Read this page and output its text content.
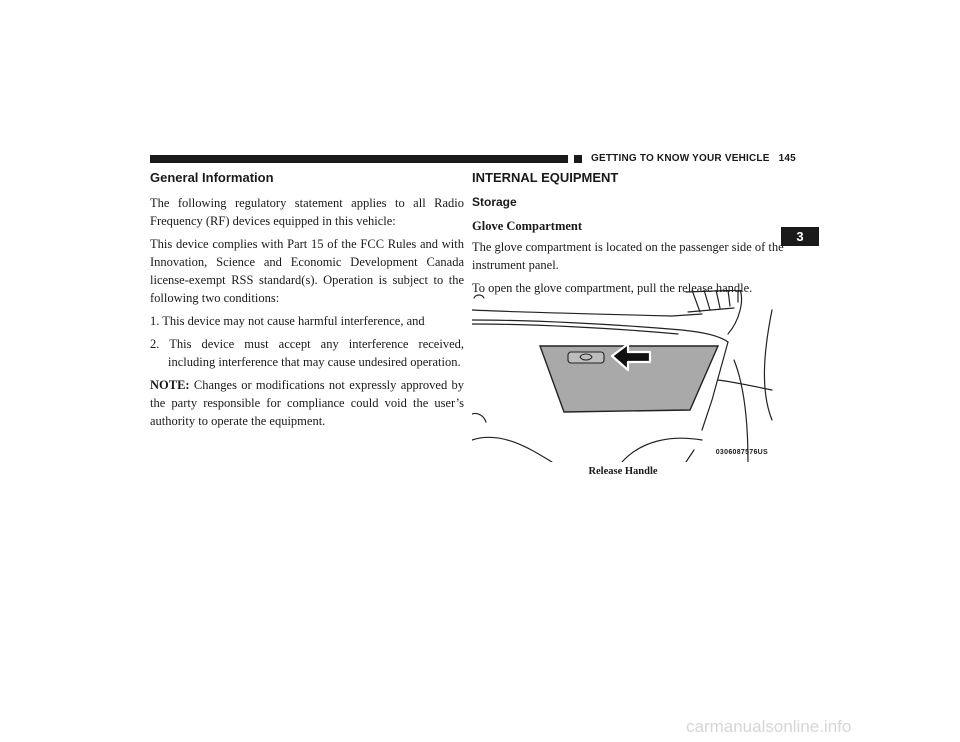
GETTING TO KNOW YOUR VEHICLE 145
3
General Information

The following regulatory statement applies to all Radio Frequency (RF) devices equipped in this vehicle:

This device complies with Part 15 of the FCC Rules and with Innovation, Science and Economic Development Canada license-exempt RSS standard(s). Operation is subject to the following two conditions:

1. This device may not cause harmful interference, and
2. This device must accept any interference received, including interference that may cause undesired operation.

NOTE: Changes or modifications not expressly approved by the party responsible for compliance could void the user’s authority to operate the equipment.

INTERNAL EQUIPMENT
Storage
Glove Compartment

The glove compartment is located on the passenger side of the instrument panel.

To open the glove compartment, pull the release handle.

0306087576US
Release Handle
carmanualsonline.info
